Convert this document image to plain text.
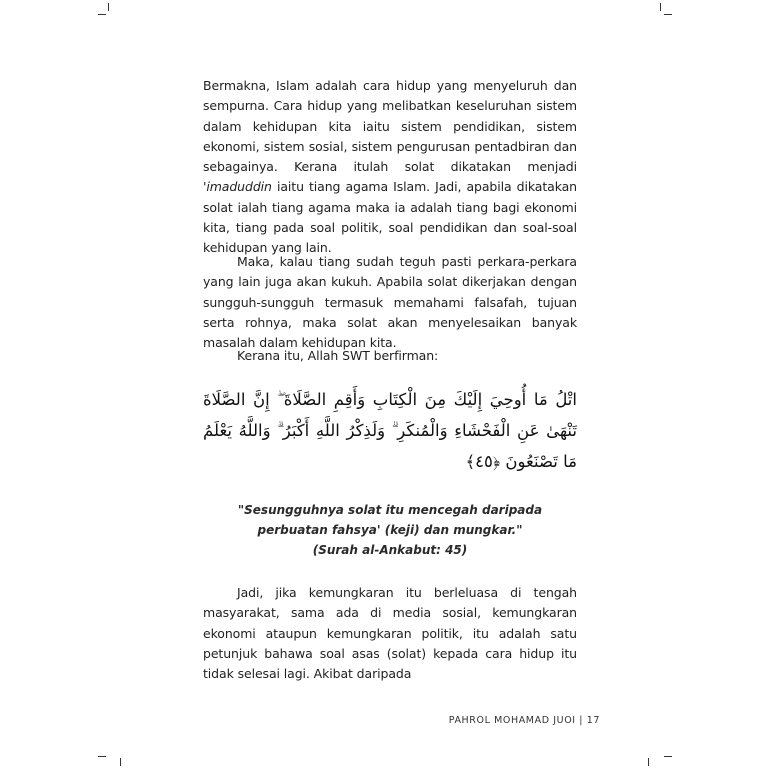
Bermakna, Islam adalah cara hidup yang menyeluruh dan sempurna. Cara hidup yang melibatkan keseluruhan sistem dalam kehidupan kita iaitu sistem pendidikan, sistem ekonomi, sistem sosial, sistem pengurusan pentadbiran dan sebagainya. Kerana itulah solat dikatakan menjadi 'imaduddin iaitu tiang agama Islam. Jadi, apabila dikatakan solat ialah tiang agama maka ia adalah tiang bagi ekonomi kita, tiang pada soal politik, soal pendidikan dan soal-soal kehidupan yang lain.

Maka, kalau tiang sudah teguh pasti perkara-perkara yang lain juga akan kukuh. Apabila solat dikerjakan dengan sungguh-sungguh termasuk memahami falsafah, tujuan serta rohnya, maka solat akan menyelesaikan banyak masalah dalam kehidupan kita.

Kerana itu, Allah SWT berfirman:

اتْلُ مَا أُوحِيَ إِلَيْكَ مِنَ الْكِتَابِ وَأَقِمِ الصَّلَاةَ ۖ إِنَّ الصَّلَاةَ تَنْهَىٰ عَنِ الْفَحْشَاءِ وَالْمُنكَرِ ۗ وَلَذِكْرُ اللَّهِ أَكْبَرُ ۗ وَاللَّهُ يَعْلَمُ مَا تَصْنَعُونَ ﴿٤٥﴾

"Sesungguhnya solat itu mencegah daripada
perbuatan fahsya' (keji) dan mungkar."
(Surah al-Ankabut: 45)

Jadi, jika kemungkaran itu berleluasa di tengah masyarakat, sama ada di media sosial, kemungkaran ekonomi ataupun kemungkaran politik, itu adalah satu petunjuk bahawa soal asas (solat) kepada cara hidup itu tidak selesai lagi. Akibat daripada

PAHROL MOHAMAD JUOI | 17
